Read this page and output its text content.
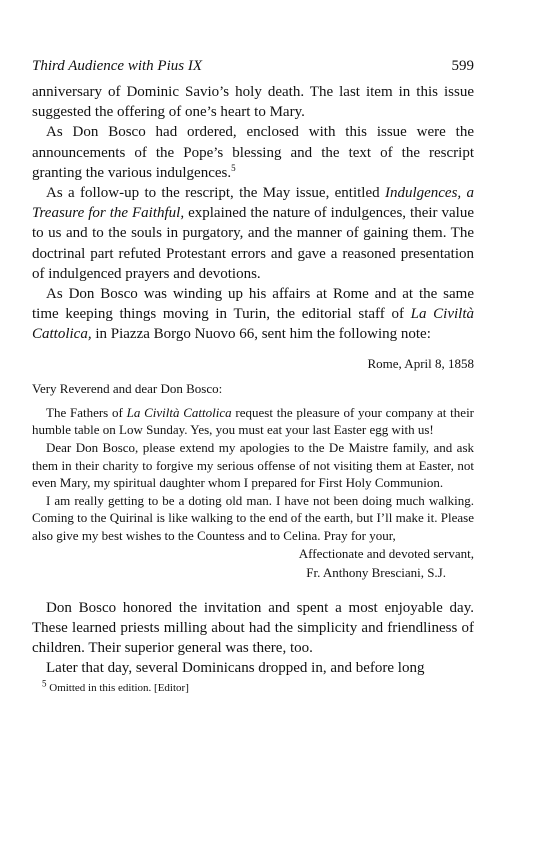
Third Audience with Pius IX	599

anniversary of Dominic Savio’s holy death. The last item in this issue suggested the offering of one’s heart to Mary.

As Don Bosco had ordered, enclosed with this issue were the announcements of the Pope’s blessing and the text of the rescript granting the various indulgences.$^5$

As a follow-up to the rescript, the May issue, entitled Indulgences, a Treasure for the Faithful, explained the nature of indulgences, their value to us and to the souls in purgatory, and the manner of gaining them. The doctrinal part refuted Protestant errors and gave a reasoned presentation of indulgenced prayers and devotions.

As Don Bosco was winding up his affairs at Rome and at the same time keeping things moving in Turin, the editorial staff of La Civiltà Cattolica, in Piazza Borgo Nuovo 66, sent him the following note:

Rome, April 8, 1858

Very Reverend and dear Don Bosco:

The Fathers of La Civiltà Cattolica request the pleasure of your company at their humble table on Low Sunday. Yes, you must eat your last Easter egg with us!

Dear Don Bosco, please extend my apologies to the De Maistre family, and ask them in their charity to forgive my serious offense of not visiting them at Easter, not even Mary, my spiritual daughter whom I prepared for First Holy Communion.

I am really getting to be a doting old man. I have not been doing much walking. Coming to the Quirinal is like walking to the end of the earth, but I’ll make it. Please also give my best wishes to the Countess and to Celina. Pray for your,

Affectionate and devoted servant,

Fr. Anthony Bresciani, S.J.

Don Bosco honored the invitation and spent a most enjoyable day. These learned priests milling about had the simplicity and friendliness of children. Their superior general was there, too.

Later that day, several Dominicans dropped in, and before long

$^5$ Omitted in this edition. [Editor]
